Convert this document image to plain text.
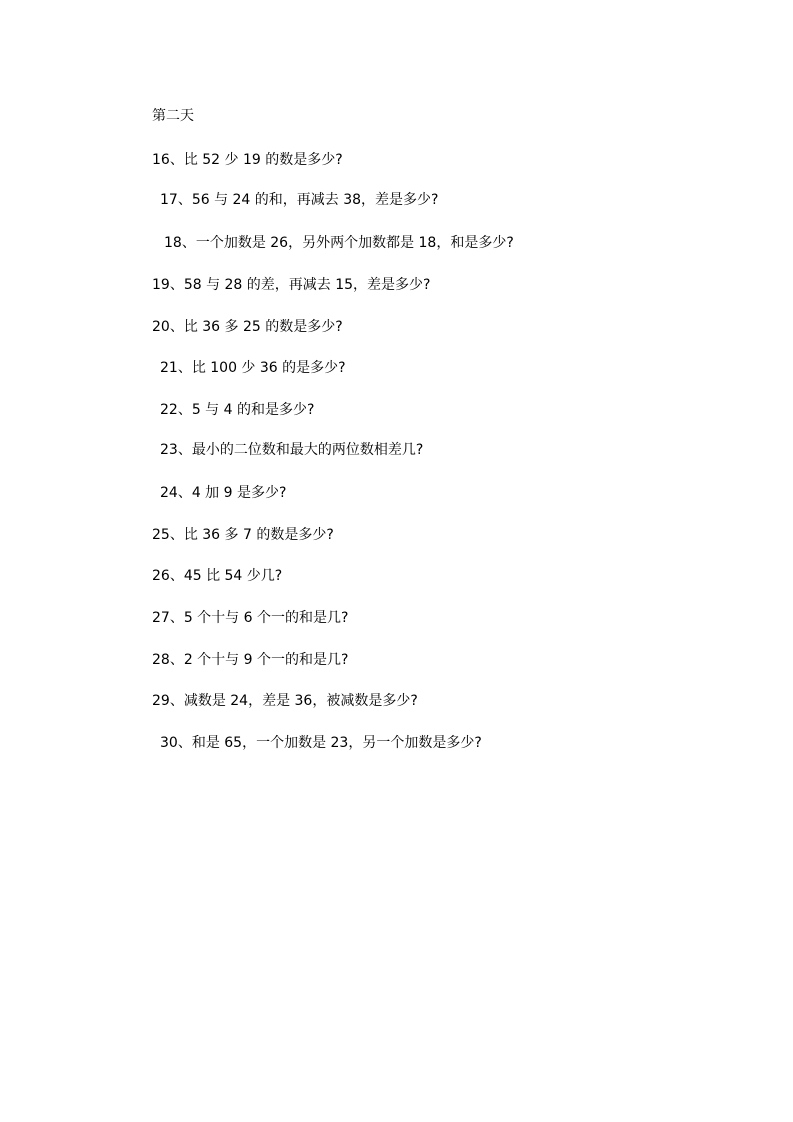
第二天
16、比 52 少 19 的数是多少?
17、56 与 24 的和，再减去 38，差是多少?
18、一个加数是 26，另外两个加数都是 18，和是多少?
19、58 与 28 的差，再减去 15，差是多少?
20、比 36 多 25 的数是多少?
21、比 100 少 36 的是多少?
22、5 与 4 的和是多少?
23、最小的二位数和最大的两位数相差几?
24、4 加 9 是多少?
25、比 36 多 7 的数是多少?
26、45 比 54 少几?
27、5 个十与 6 个一的和是几?
28、2 个十与 9 个一的和是几?
29、减数是 24，差是 36，被减数是多少?
30、和是 65，一个加数是 23，另一个加数是多少?
